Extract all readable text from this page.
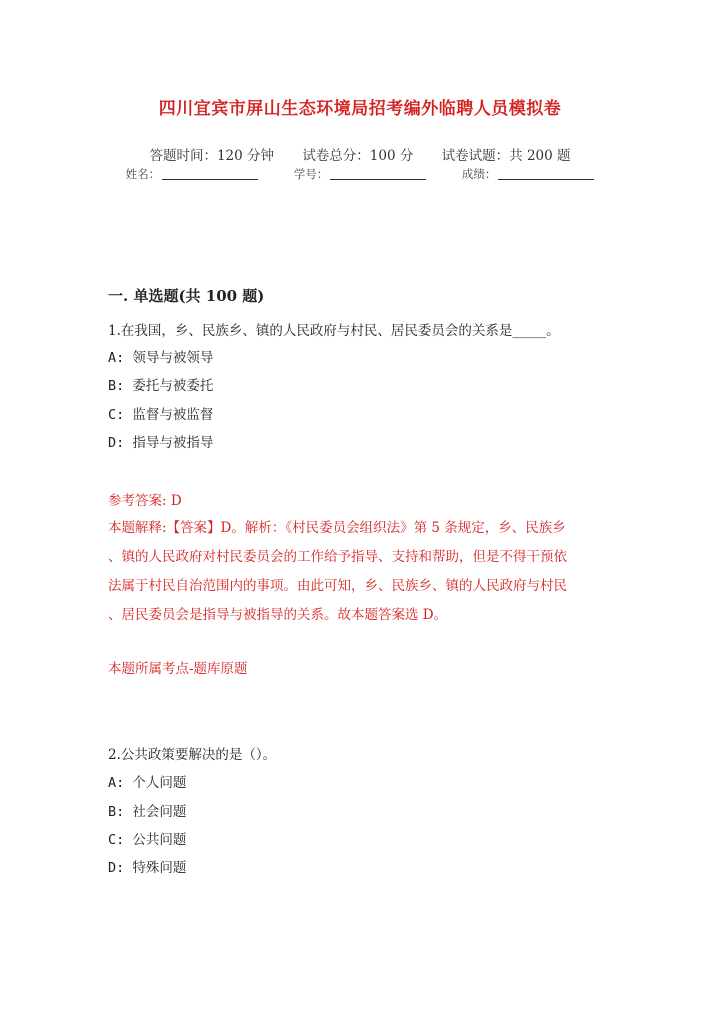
四川宜宾市屏山生态环境局招考编外临聘人员模拟卷
答题时间：120 分钟 试卷总分：100 分 试卷试题：共 200 题
姓名：	学号：	成绩：
一. 单选题(共 100 题)
1.在我国，乡、民族乡、镇的人民政府与村民、居民委员会的关系是_____。
A: 领导与被领导
B: 委托与被委托
C: 监督与被监督
D: 指导与被指导
参考答案: D
本题解释:【答案】D。解析：《村民委员会组织法》第 5 条规定，乡、民族乡
、镇的人民政府对村民委员会的工作给予指导、支持和帮助，但是不得干预依
法属于村民自治范围内的事项。由此可知，乡、民族乡、镇的人民政府与村民
、居民委员会是指导与被指导的关系。故本题答案选 D。
本题所属考点-题库原题
2.公共政策要解决的是（）。
A: 个人问题
B: 社会问题
C: 公共问题
D: 特殊问题
